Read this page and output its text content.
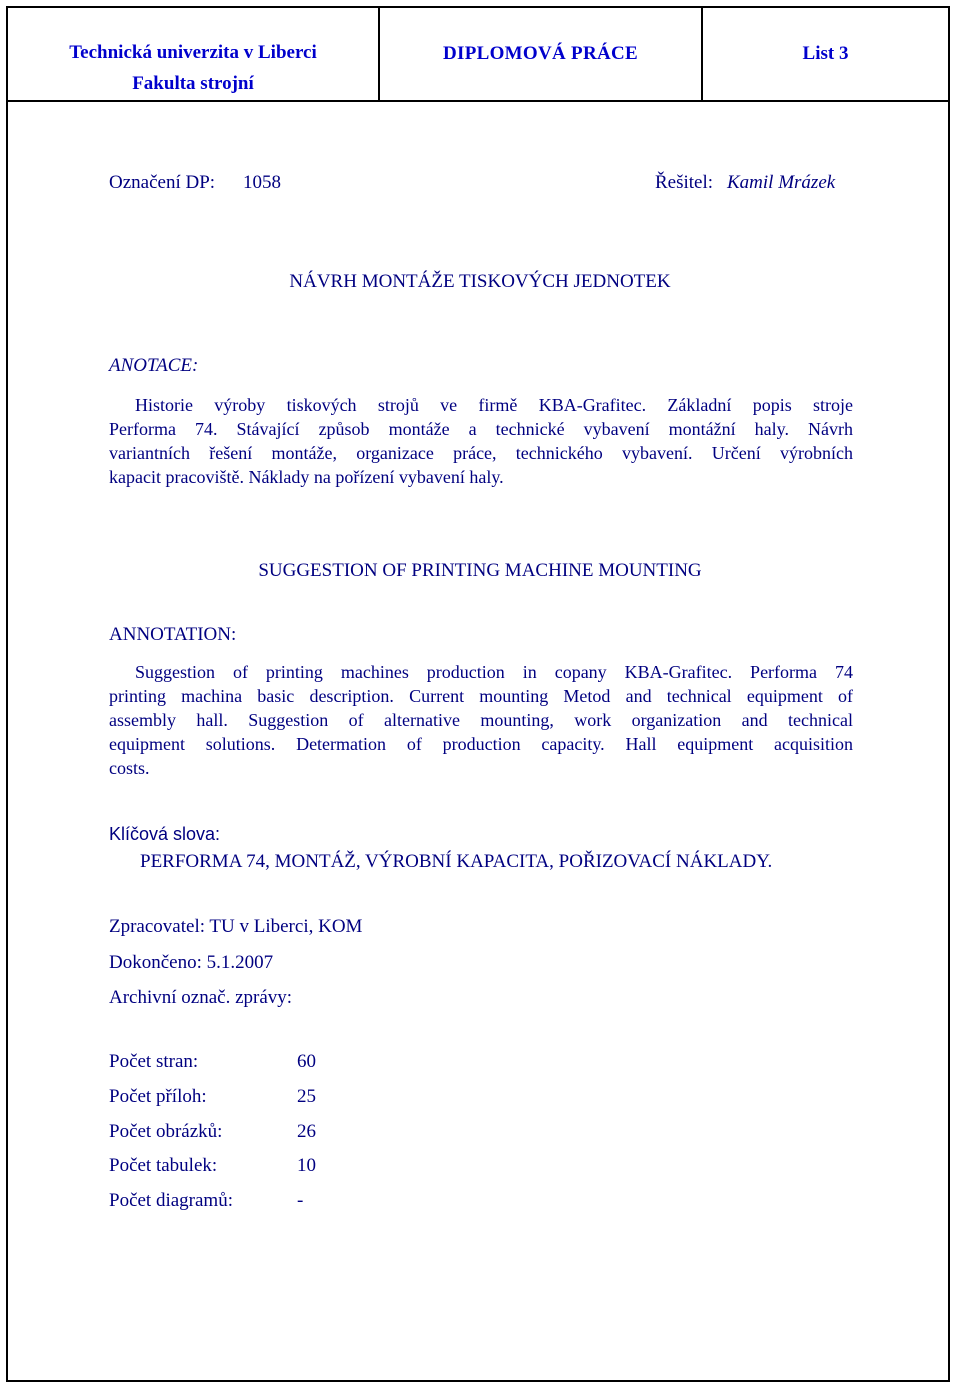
Technická univerzita v Liberci
Fakulta strojní
DIPLOMOVÁ PRÁCE	List 3
Označení DP: 1058	Řešitel: Kamil Mrázek
NÁVRH MONTÁŽE TISKOVÝCH JEDNOTEK
ANOTACE:
Historie výroby tiskových strojů ve firmě KBA-Grafitec. Základní popis stroje
Performa 74. Stávající způsob montáže a technické vybavení montážní haly. Návrh
variantních řešení montáže, organizace práce, technického vybavení. Určení výrobních
kapacit pracoviště. Náklady na pořízení vybavení haly.
SUGGESTION OF PRINTING MACHINE MOUNTING
ANNOTATION:
Suggestion of printing machines production in copany KBA-Grafitec. Performa 74
printing machina basic description. Current mounting Metod and technical equipment of
assembly hall. Suggestion of alternative mounting, work organization and technical
equipment solutions. Determation of production capacity. Hall equipment acquisition
costs.
Klíčová slova:
PERFORMA 74, MONTÁŽ, VÝROBNÍ KAPACITA, POŘIZOVACÍ NÁKLADY.
Zpracovatel: TU v Liberci, KOM
Dokončeno: 5.1.2007
Archivní označ. zprávy:
Počet stran:	60
Počet příloh:	25
Počet obrázků:	26
Počet tabulek:	10
Počet diagramů:	-
